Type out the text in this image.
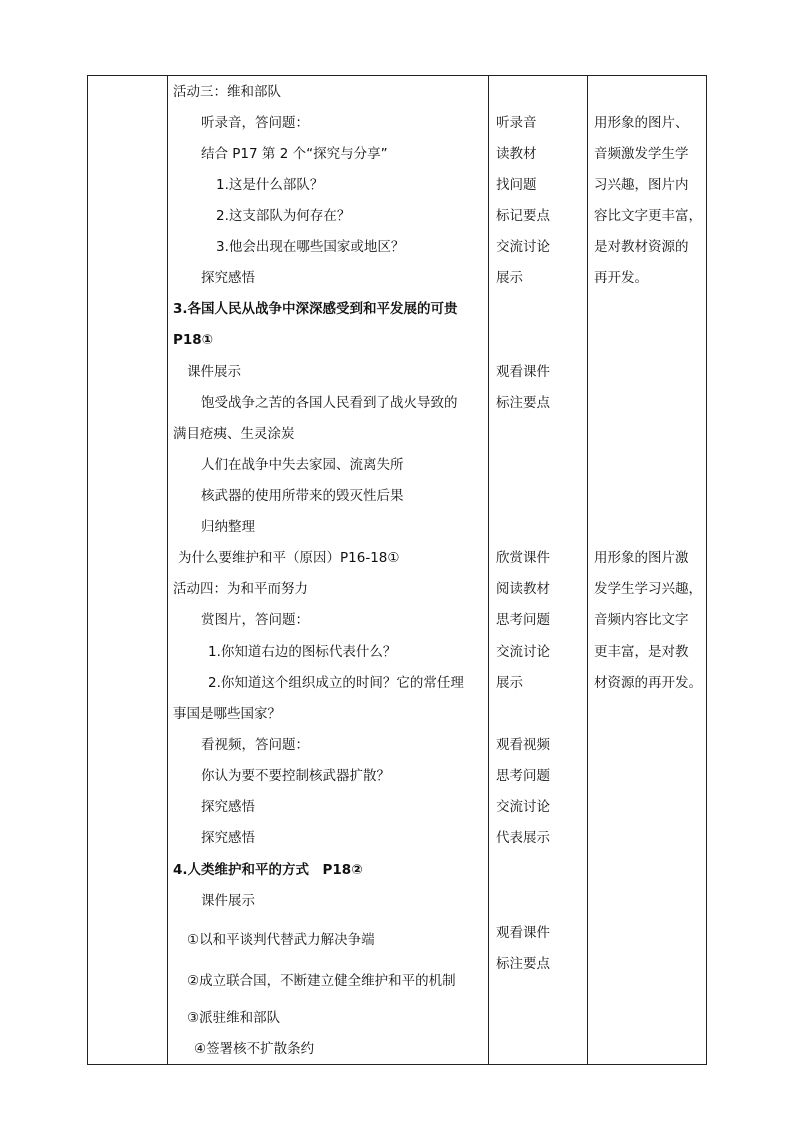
活动三：维和部队
听录音，答问题：
结合 P17 第 2 个“探究与分享”
1.这是什么部队？
2.这支部队为何存在？
3.他会出现在哪些国家或地区？
探究感悟
3.各国人民从战争中深深感受到和平发展的可贵
P18①
课件展示
饱受战争之苦的各国人民看到了战火导致的
满目疮痍、生灵涂炭
人们在战争中失去家园、流离失所
核武器的使用所带来的毁灭性后果
归纳整理
为什么要维护和平（原因）P16-18①
活动四：为和平而努力
赏图片，答问题：
1.你知道右边的图标代表什么？
2.你知道这个组织成立的时间？它的常任理
事国是哪些国家？
看视频，答问题：
你认为要不要控制核武器扩散？
探究感悟
探究感悟
4.人类维护和平的方式　P18②
课件展示
①以和平谈判代替武力解决争端
②成立联合国，不断建立健全维护和平的机制
③派驻维和部队
④签署核不扩散条约
听录音
读教材
找问题
标记要点
交流讨论
展示
观看课件
标注要点
欣赏课件
阅读教材
思考问题
交流讨论
展示
观看视频
思考问题
交流讨论
代表展示
观看课件
标注要点
用形象的图片、
音频激发学生学
习兴趣，图片内
容比文字更丰富，
是对教材资源的
再开发。
用形象的图片激
发学生学习兴趣，
音频内容比文字
更丰富，是对教
材资源的再开发。
